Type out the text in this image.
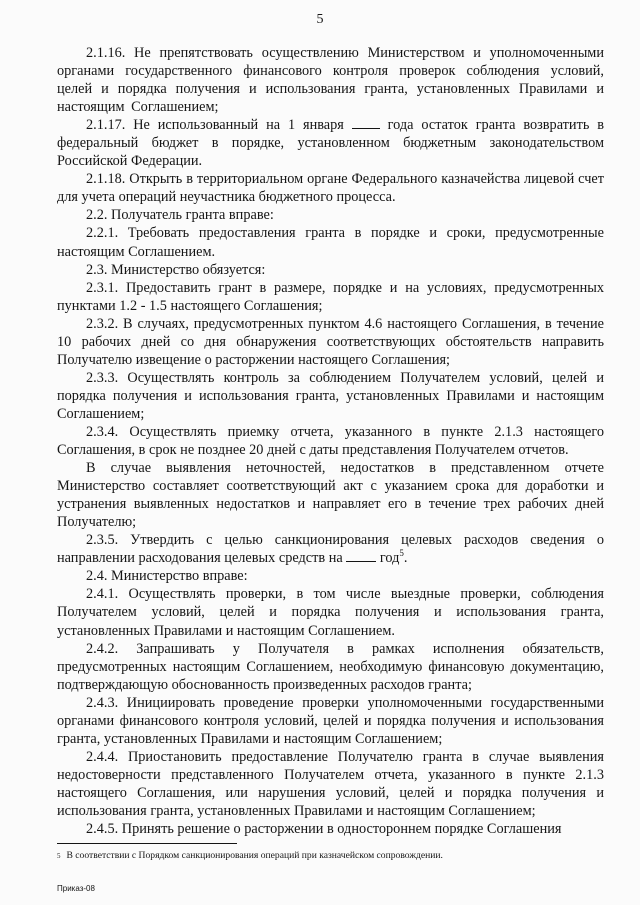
5

2.1.16. Не препятствовать осуществлению Министерством и уполномоченными органами государственного финансового контроля проверок соблюдения условий, целей и порядка получения и использования гранта, установленных Правилами и настоящим Соглашением;

2.1.17. Не использованный на 1 января  года остаток гранта возвратить в федеральный бюджет в порядке, установленном бюджетным законодательством Российской Федерации.

2.1.18. Открыть в территориальном органе Федерального казначейства лицевой счет для учета операций неучастника бюджетного процесса.

2.2. Получатель гранта вправе:

2.2.1. Требовать предоставления гранта в порядке и сроки, предусмотренные настоящим Соглашением.

2.3. Министерство обязуется:

2.3.1. Предоставить грант в размере, порядке и на условиях, предусмотренных пунктами 1.2 - 1.5 настоящего Соглашения;

2.3.2. В случаях, предусмотренных пунктом 4.6 настоящего Соглашения, в течение 10 рабочих дней со дня обнаружения соответствующих обстоятельств направить Получателю извещение о расторжении настоящего Соглашения;

2.3.3. Осуществлять контроль за соблюдением Получателем условий, целей и порядка получения и использования гранта, установленных Правилами и настоящим Соглашением;

2.3.4. Осуществлять приемку отчета, указанного в пункте 2.1.3 настоящего Соглашения, в срок не позднее 20 дней с даты представления Получателем отчетов.

В случае выявления неточностей, недостатков в представленном отчете Министерство составляет соответствующий акт с указанием срока для доработки и устранения выявленных недостатков и направляет его в течение трех рабочих дней Получателю;

2.3.5. Утвердить с целью санкционирования целевых расходов сведения о направлении расходования целевых средств на  год$^5$.

2.4. Министерство вправе:

2.4.1. Осуществлять проверки, в том числе выездные проверки, соблюдения Получателем условий, целей и порядка получения и использования гранта, установленных Правилами и настоящим Соглашением.

2.4.2. Запрашивать у Получателя в рамках исполнения обязательств, предусмотренных настоящим Соглашением, необходимую финансовую документацию, подтверждающую обоснованность произведенных расходов гранта;

2.4.3. Инициировать проведение проверки уполномоченными государственными органами финансового контроля условий, целей и порядка получения и использования гранта, установленных Правилами и настоящим Соглашением;

2.4.4. Приостановить предоставление Получателю гранта в случае выявления недостоверности представленного Получателем отчета, указанного в пункте 2.1.3 настоящего Соглашения, или нарушения условий, целей и порядка получения и использования гранта, установленных Правилами и настоящим Соглашением;

2.4.5. Принять решение о расторжении в одностороннем порядке Соглашения

$^5$ В соответствии с Порядком санкционирования операций при казначейском сопровождении.
Приказ-08
